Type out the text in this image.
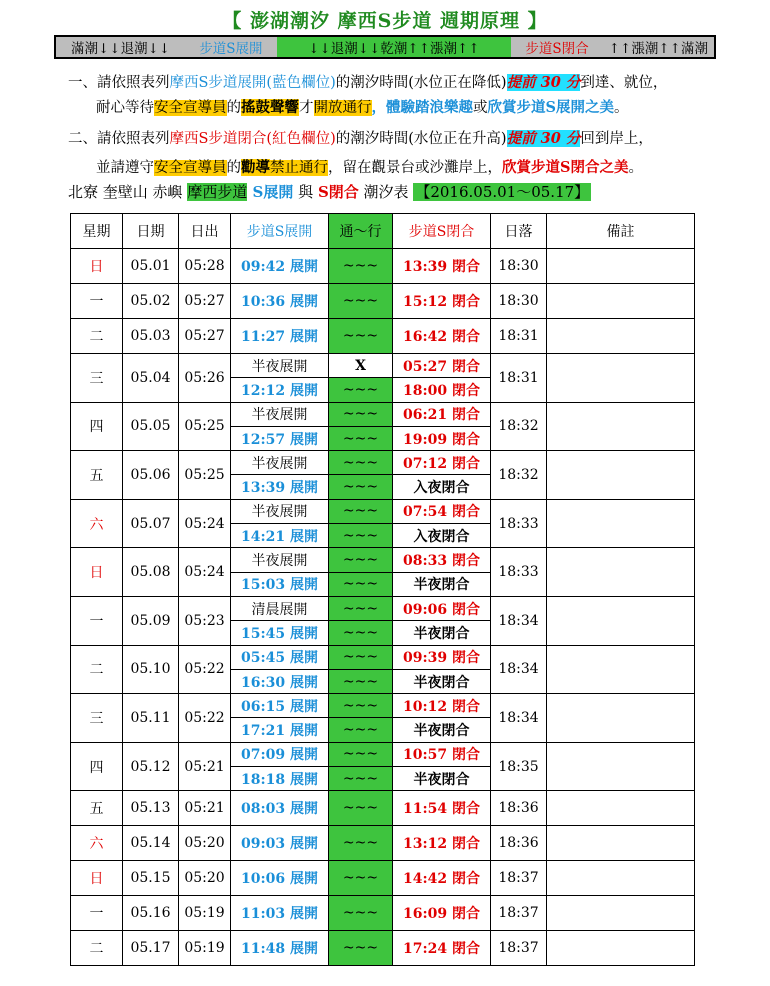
【 澎湖潮汐 摩西S步道 週期原理 】
滿潮↓↓退潮↓↓	步道S展開	↓↓退潮↓↓乾潮↑↑漲潮↑↑	步道S閉合	↑↑漲潮↑↑滿潮
一、請依照表列摩西S步道展開(藍色欄位)的潮汐時間(水位正在降低)提前 30 分到達、就位，
耐心等待安全宣導員的搖鼓聲響才開放通行，體驗踏浪樂趣或欣賞步道S展開之美。
二、請依照表列摩西S步道閉合(紅色欄位)的潮汐時間(水位正在升高)提前 30 分回到岸上，
並請遵守安全宣導員的勸導禁止通行，留在觀景台或沙灘岸上，欣賞步道S閉合之美。
北寮 奎壁山 赤嶼 摩西步道 S展開 與 S閉合 潮汐表 【2016.05.01～05.17】
星期	日期	日出	步道S展開	通～行	步道S閉合	日落	備註
日	05.01	05:28	09:42 展開	~~~	13:39 閉合	18:30	
一	05.02	05:27	10:36 展開	~~~	15:12 閉合	18:30	
二	05.03	05:27	11:27 展開	~~~	16:42 閉合	18:31	
三	05.04	05:26	半夜展開	X	05:27 閉合	18:31	
			12:12 展開	~~~	18:00 閉合		
四	05.05	05:25	半夜展開	~~~	06:21 閉合	18:32	
			12:57 展開	~~~	19:09 閉合		
五	05.06	05:25	半夜展開	~~~	07:12 閉合	18:32	
			13:39 展開	~~~	入夜閉合		
六	05.07	05:24	半夜展開	~~~	07:54 閉合	18:33	
			14:21 展開	~~~	入夜閉合		
日	05.08	05:24	半夜展開	~~~	08:33 閉合	18:33	
			15:03 展開	~~~	半夜閉合		
一	05.09	05:23	清晨展開	~~~	09:06 閉合	18:34	
			15:45 展開	~~~	半夜閉合		
二	05.10	05:22	05:45 展開	~~~	09:39 閉合	18:34	
			16:30 展開	~~~	半夜閉合		
三	05.11	05:22	06:15 展開	~~~	10:12 閉合	18:34	
			17:21 展開	~~~	半夜閉合		
四	05.12	05:21	07:09 展開	~~~	10:57 閉合	18:35	
			18:18 展開	~~~	半夜閉合		
五	05.13	05:21	08:03 展開	~~~	11:54 閉合	18:36	
六	05.14	05:20	09:03 展開	~~~	13:12 閉合	18:36	
日	05.15	05:20	10:06 展開	~~~	14:42 閉合	18:37	
一	05.16	05:19	11:03 展開	~~~	16:09 閉合	18:37	
二	05.17	05:19	11:48 展開	~~~	17:24 閉合	18:37	
